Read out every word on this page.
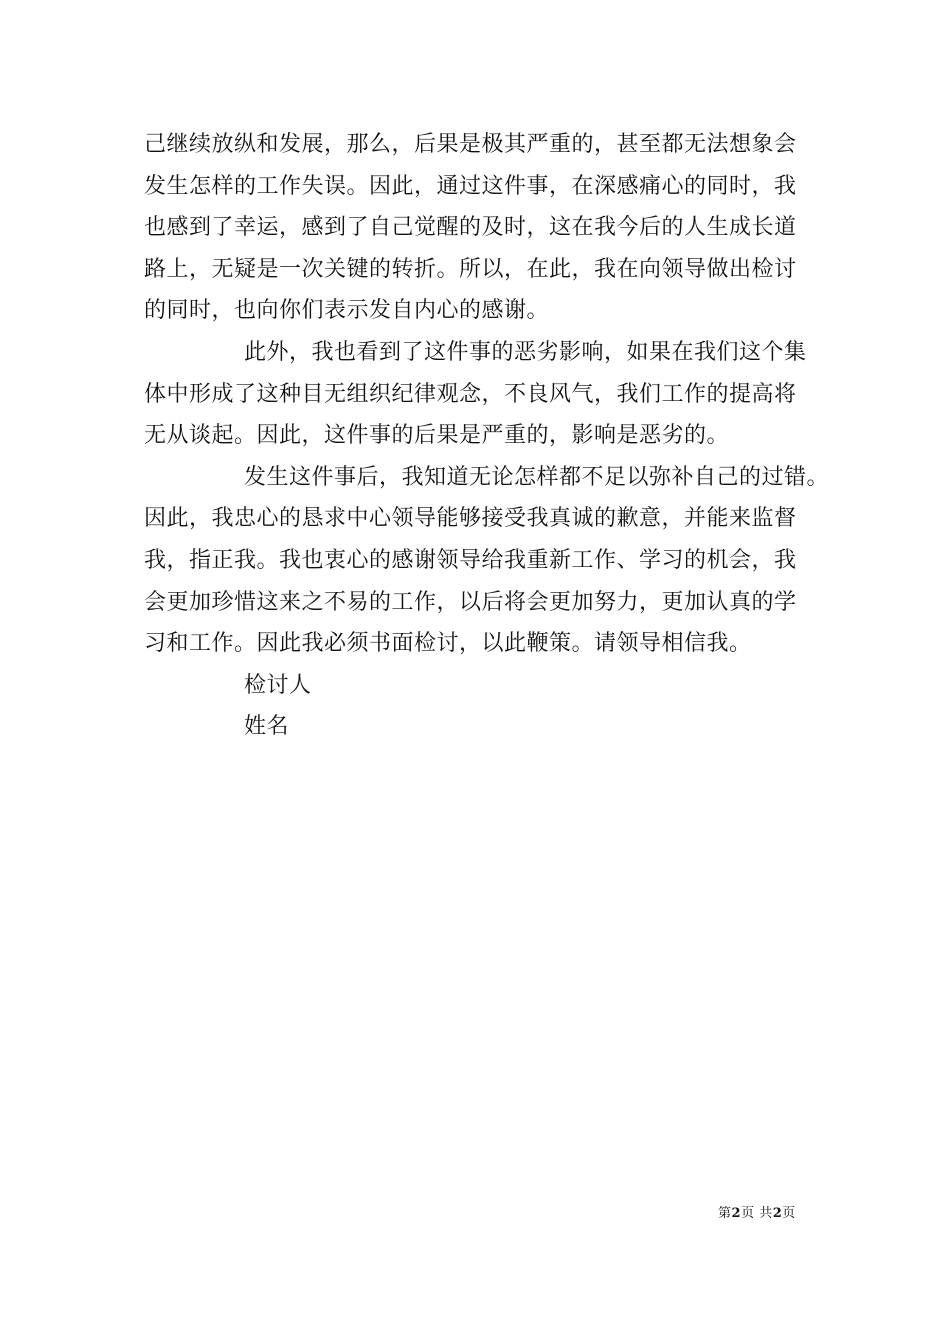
己继续放纵和发展，那么，后果是极其严重的，甚至都无法想象会
发生怎样的工作失误。因此，通过这件事，在深感痛心的同时，我
也感到了幸运，感到了自己觉醒的及时，这在我今后的人生成长道
路上，无疑是一次关键的转折。所以，在此，我在向领导做出检讨
的同时，也向你们表示发自内心的感谢。
此外，我也看到了这件事的恶劣影响，如果在我们这个集
体中形成了这种目无组织纪律观念，不良风气，我们工作的提高将
无从谈起。因此，这件事的后果是严重的，影响是恶劣的。
发生这件事后，我知道无论怎样都不足以弥补自己的过错。
因此，我忠心的恳求中心领导能够接受我真诚的歉意，并能来监督
我，指正我。我也衷心的感谢领导给我重新工作、学习的机会，我
会更加珍惜这来之不易的工作，以后将会更加努力，更加认真的学
习和工作。因此我必须书面检讨，以此鞭策。请领导相信我。
检讨人
姓名
第2页 共2页
